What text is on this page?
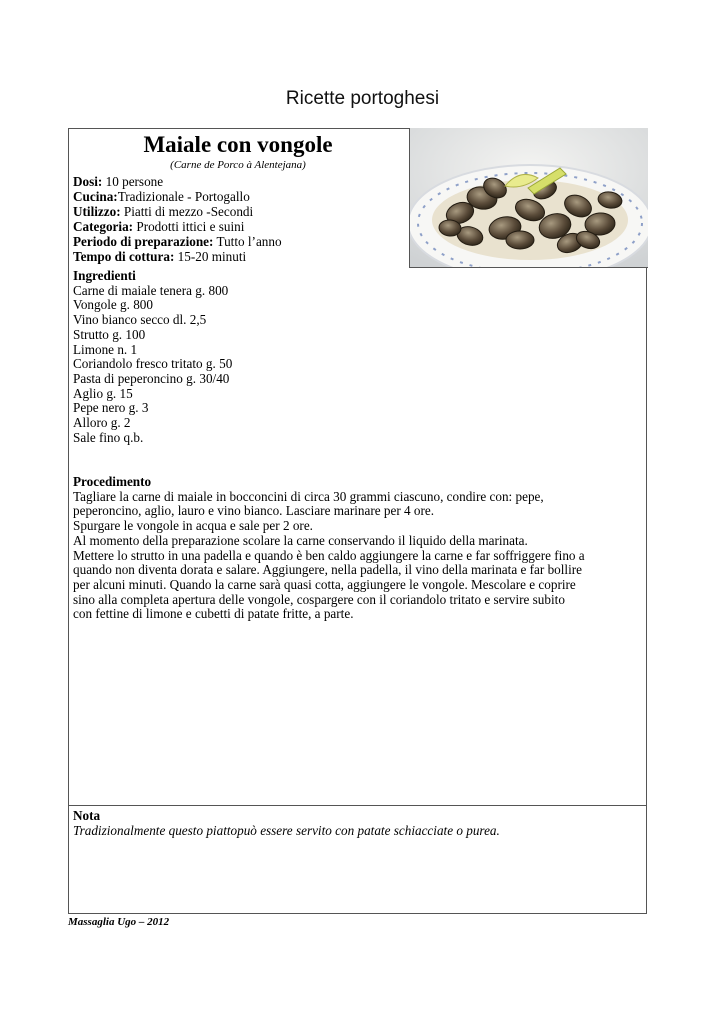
Ricette portoghesi
Maiale con vongole
(Carne de Porco à Alentejana)
Dosi: 10 persone
Cucina:Tradizionale - Portogallo
Utilizzo: Piatti di mezzo -Secondi
Categoria: Prodotti ittici e suini
Periodo di preparazione: Tutto l’anno
Tempo di cottura: 15-20 minuti
Ingredienti
Carne di maiale tenera g. 800
Vongole g. 800
Vino bianco secco dl. 2,5
Strutto g. 100
Limone n. 1
Coriandolo fresco tritato g. 50
Pasta di peperoncino g. 30/40
Aglio g. 15
Pepe nero g. 3
Alloro g. 2
Sale fino q.b.
Procedimento
Tagliare la carne di maiale in bocconcini di circa 30 grammi ciascuno, condire con: pepe,
peperoncino, aglio, lauro e vino bianco. Lasciare marinare per 4 ore.
Spurgare le vongole in acqua e sale per 2 ore.
Al momento della preparazione scolare la carne conservando il liquido della marinata.
Mettere lo strutto in una padella e quando è ben caldo aggiungere la carne e far soffriggere fino a
quando non diventa dorata e salare. Aggiungere, nella padella, il vino della marinata e far bollire
per alcuni minuti. Quando la carne sarà quasi cotta, aggiungere le vongole. Mescolare e coprire
sino alla completa apertura delle vongole, cospargere con il coriandolo tritato e servire subito
con fettine di limone e cubetti di patate fritte, a parte.
Nota
Tradizionalmente questo piattopuò essere servito con patate schiacciate o purea.
Massaglia Ugo – 2012
